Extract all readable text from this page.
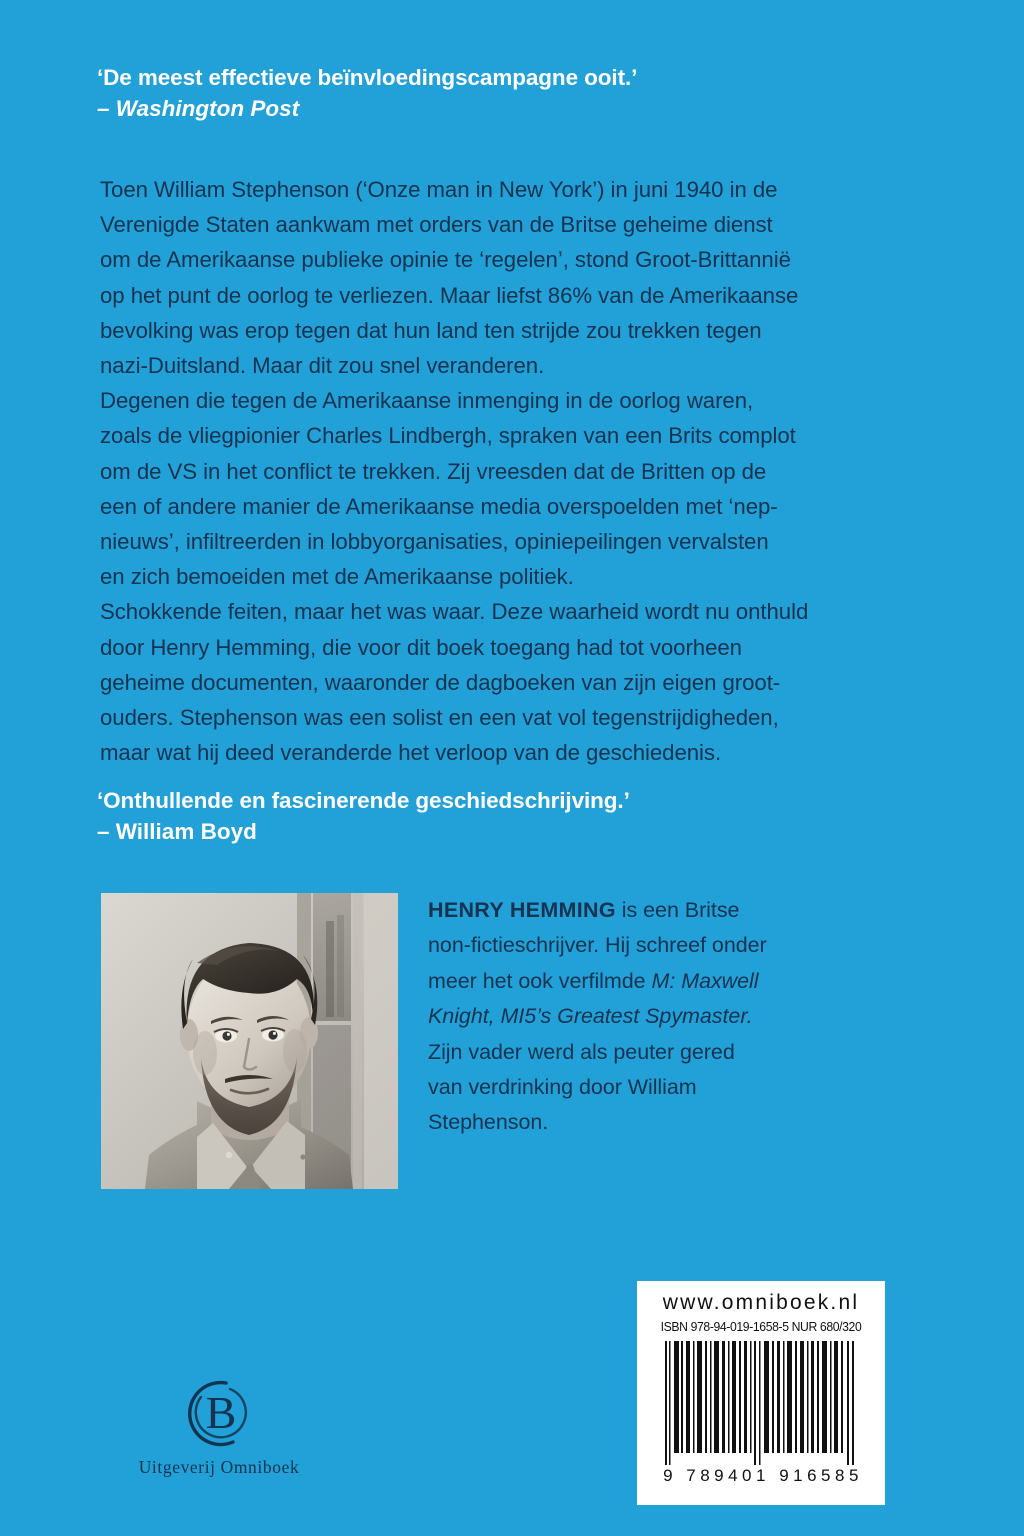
‘De meest effectieve beïnvloedingscampagne ooit.’
– Washington Post

Toen William Stephenson (‘Onze man in New York’) in juni 1940 in de
Verenigde Staten aankwam met orders van de Britse geheime dienst
om de Amerikaanse publieke opinie te ‘regelen’, stond Groot-Brittannië
op het punt de oorlog te verliezen. Maar liefst 86% van de Amerikaanse
bevolking was erop tegen dat hun land ten strijde zou trekken tegen
nazi-Duitsland. Maar dit zou snel veranderen.

Degenen die tegen de Amerikaanse inmenging in de oorlog waren,
zoals de vliegpionier Charles Lindbergh, spraken van een Brits complot
om de VS in het conflict te trekken. Zij vreesden dat de Britten op de
een of andere manier de Amerikaanse media overspoelden met ‘nep-
nieuws’, infiltreerden in lobbyorganisaties, opiniepeilingen vervalsten
en zich bemoeiden met de Amerikaanse politiek.

Schokkende feiten, maar het was waar. Deze waarheid wordt nu onthuld
door Henry Hemming, die voor dit boek toegang had tot voorheen
geheime documenten, waaronder de dagboeken van zijn eigen groot-
ouders. Stephenson was een solist en een vat vol tegenstrijdigheden,
maar wat hij deed veranderde het verloop van de geschiedenis.

‘Onthullende en fascinerende geschiedschrijving.’
– William Boyd

HENRY HEMMING is een Britse
non-fictieschrijver. Hij schreef onder
meer het ook verfilmde M: Maxwell
Knight, MI5’s Greatest Spymaster.
Zijn vader werd als peuter gered
van verdrinking door William
Stephenson.

B
Uitgeverij Omniboek
www.omniboek.nl
ISBN 978-94-019-1658-5 NUR 680/320
9 789401 916585
